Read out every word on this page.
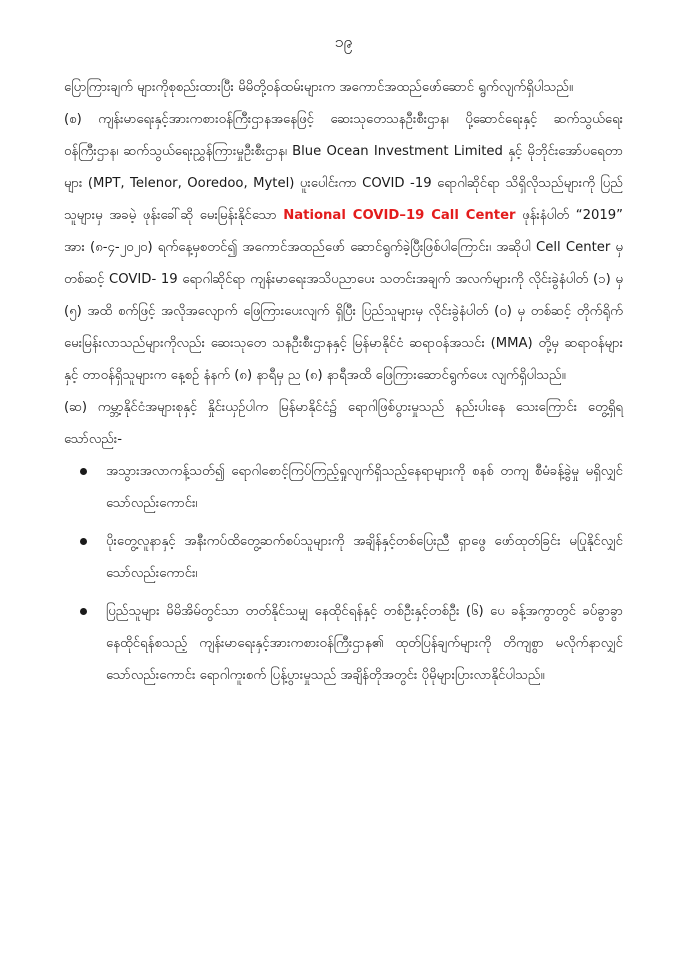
၁၉

ပြောကြားချက် များကိုစုစည်းထားပြီး မိမိတို့ဝန်ထမ်းများက အကောင်အထည်ဖော်ဆောင် ရွက်လျက်ရှိပါသည်။

(စ) ကျန်းမာရေးနှင့်အားကစားဝန်ကြီးဌာနအနေဖြင့် ဆေးသုတေသနဦးစီးဌာန၊ ပို့ဆောင်ရေးနှင့် ဆက်သွယ်ရေးဝန်ကြီးဌာန၊ ဆက်သွယ်ရေးညွှန်ကြားမှုဦးစီးဌာန၊ Blue Ocean Investment Limited နှင့် မိုဘိုင်းအော်ပရေတာများ (MPT, Telenor, Ooredoo, Mytel) ပူးပေါင်းကာ COVID -19 ရောဂါဆိုင်ရာ သိရှိလိုသည်များကို ပြည်သူများမှ အခမဲ့ ဖုန်းခေါ်ဆို မေးမြန်းနိုင်သော National COVID–19 Call Center ဖုန်းနံပါတ် “2019” အား (၈-၄-၂၀၂၀) ရက်နေ့မှစတင်၍ အကောင်အထည်ဖော် ဆောင်ရွက်ခဲ့ပြီးဖြစ်ပါကြောင်း၊ အဆိုပါ Cell Center မှတစ်ဆင့် COVID- 19 ရောဂါဆိုင်ရာ ကျန်းမာရေးအသိပညာပေး သတင်းအချက် အလက်များကို လိုင်းခွဲနံပါတ် (၁) မှ (၅) အထိ စက်ဖြင့် အလိုအလျောက် ဖြေကြားပေးလျက် ရှိပြီး ပြည်သူများမှ လိုင်းခွဲနံပါတ် (၀) မှ တစ်ဆင့် တိုက်ရိုက်မေးမြန်းလာသည်များကိုလည်း ဆေးသုတေ သနဦးစီးဌာနနှင့် မြန်မာနိုင်ငံ ဆရာဝန်အသင်း (MMA) တို့မှ ဆရာဝန်များနှင့် တာဝန်ရှိသူများက နေ့စဉ် နံနက် (၈) နာရီမှ ည (၈) နာရီအထိ ဖြေကြားဆောင်ရွက်ပေး လျက်ရှိပါသည်။

(ဆ) ကမ္ဘာ့နိုင်ငံအများစုနှင့် နှိုင်းယှဉ်ပါက မြန်မာနိုင်ငံ၌ ရောဂါဖြစ်ပွားမှုသည် နည်းပါးနေ သေးကြောင်း တွေ့ရှိရသော်လည်း-

အသွားအလာကန့်သတ်၍ ရောဂါစောင့်ကြပ်ကြည့်ရှုလျက်ရှိသည့်နေရာများကို စနစ် တကျ စီမံခန့်ခွဲမှု မရှိလျှင်သော်လည်းကောင်း၊
ပိုးတွေ့လူနာနှင့် အနီးကပ်ထိတွေ့ဆက်စပ်သူများကို အချိန်နှင့်တစ်ပြေးညီ ရှာဖွေ ဖော်ထုတ်ခြင်း မပြုနိုင်လျှင်သော်လည်းကောင်း၊
ပြည်သူများ မိမိအိမ်တွင်သာ တတ်နိုင်သမျှ နေထိုင်ရန်နှင့် တစ်ဦးနှင့်တစ်ဦး (၆) ပေ ခန့်အကွာတွင် ခပ်ခွာခွာနေထိုင်ရန်စသည့် ကျန်းမာရေးနှင့်အားကစားဝန်ကြီးဌာန၏ ထုတ်ပြန်ချက်များကို တိကျစွာ မလိုက်နာလျှင်သော်လည်းကောင်း ရောဂါကူးစက် ပြန့်ပွားမှုသည် အချိန်တိုအတွင်း ပိုမိုများပြားလာနိုင်ပါသည်။
